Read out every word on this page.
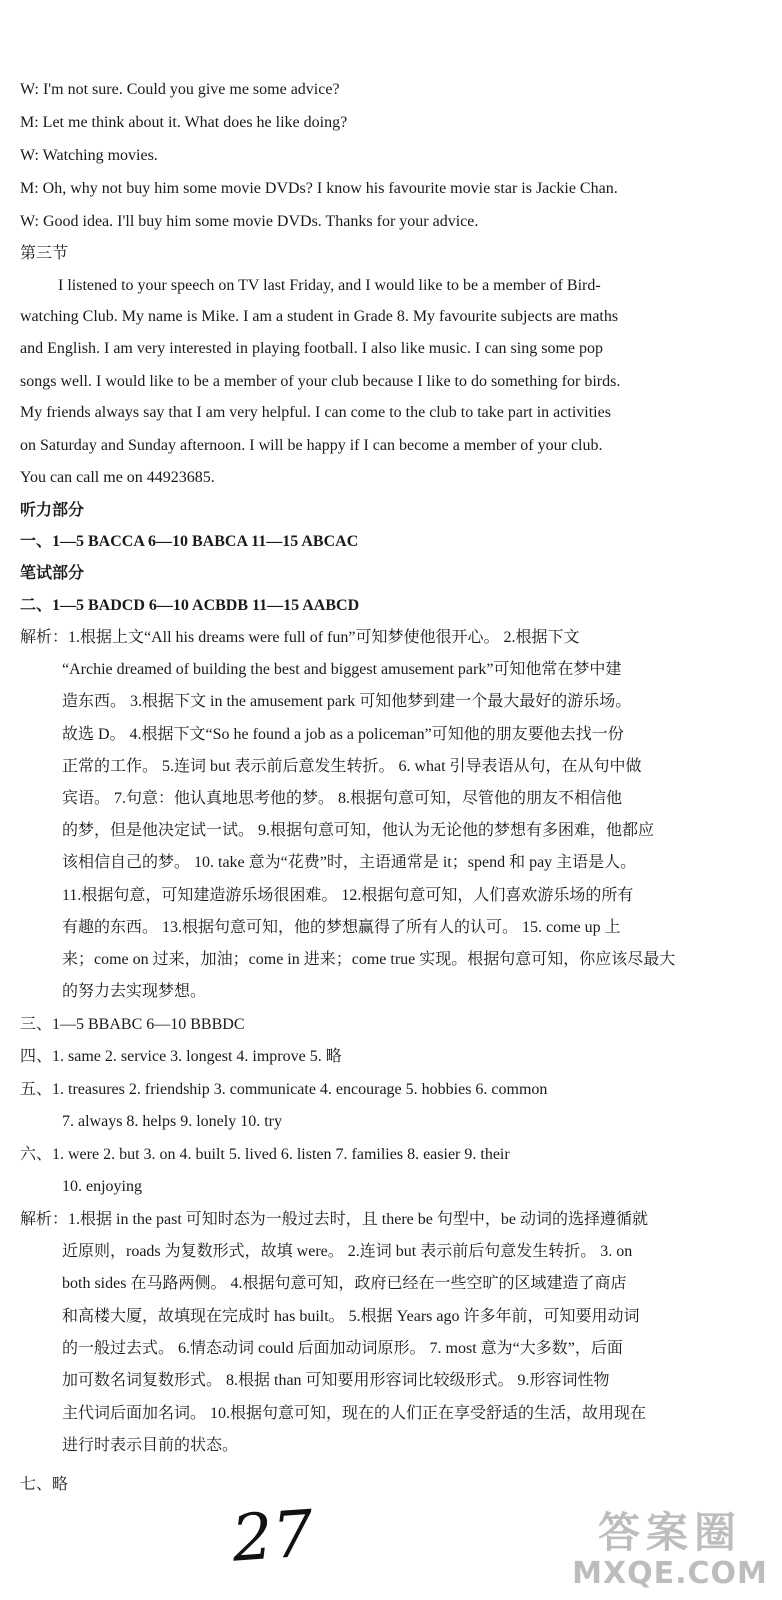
W: I'm not sure. Could you give me some advice?
M: Let me think about it. What does he like doing?
W: Watching movies.
M: Oh, why not buy him some movie DVDs? I know his favourite movie star is Jackie Chan.
W: Good idea. I'll buy him some movie DVDs. Thanks for your advice.
第三节
I listened to your speech on TV last Friday, and I would like to be a member of Bird-
watching Club. My name is Mike. I am a student in Grade 8. My favourite subjects are maths
and English. I am very interested in playing football. I also like music. I can sing some pop
songs well. I would like to be a member of your club because I like to do something for birds.
My friends always say that I am very helpful. I can come to the club to take part in activities
on Saturday and Sunday afternoon. I will be happy if I can become a member of your club.
You can call me on 44923685.
听力部分
一、1—5 BACCA 6—10 BABCA 11—15 ABCAC
笔试部分
二、1—5 BADCD 6—10 ACBDB 11—15 AABCD
解析：1.根据上文“All his dreams were full of fun”可知梦使他很开心。 2.根据下文
“Archie dreamed of building the best and biggest amusement park”可知他常在梦中建
造东西。 3.根据下文 in the amusement park 可知他梦到建一个最大最好的游乐场。
故选 D。 4.根据下文“So he found a job as a policeman”可知他的朋友要他去找一份
正常的工作。 5.连词 but 表示前后意发生转折。 6. what 引导表语从句，在从句中做
宾语。 7.句意：他认真地思考他的梦。 8.根据句意可知，尽管他的朋友不相信他
的梦，但是他决定试一试。 9.根据句意可知，他认为无论他的梦想有多困难，他都应
该相信自己的梦。 10. take 意为“花费”时，主语通常是 it；spend 和 pay 主语是人。
11.根据句意，可知建造游乐场很困难。 12.根据句意可知，人们喜欢游乐场的所有
有趣的东西。 13.根据句意可知，他的梦想赢得了所有人的认可。 15. come up 上
来；come on 过来，加油；come in 进来；come true 实现。根据句意可知，你应该尽最大
的努力去实现梦想。
三、1—5 BBABC 6—10 BBBDC
四、1. same 2. service 3. longest 4. improve 5. 略
五、1. treasures 2. friendship 3. communicate 4. encourage 5. hobbies 6. common
7. always 8. helps 9. lonely 10. try
六、1. were 2. but 3. on 4. built 5. lived 6. listen 7. families 8. easier 9. their
10. enjoying
解析：1.根据 in the past 可知时态为一般过去时，且 there be 句型中，be 动词的选择遵循就
近原则，roads 为复数形式，故填 were。 2.连词 but 表示前后句意发生转折。 3. on
both sides 在马路两侧。 4.根据句意可知，政府已经在一些空旷的区域建造了商店
和高楼大厦，故填现在完成时 has built。 5.根据 Years ago 许多年前，可知要用动词
的一般过去式。 6.情态动词 could 后面加动词原形。 7. most 意为“大多数”，后面
加可数名词复数形式。 8.根据 than 可知要用形容词比较级形式。 9.形容词性物
主代词后面加名词。 10.根据句意可知，现在的人们正在享受舒适的生活，故用现在
进行时表示目前的状态。
七、略
27	答案圈
MXQE.COM
